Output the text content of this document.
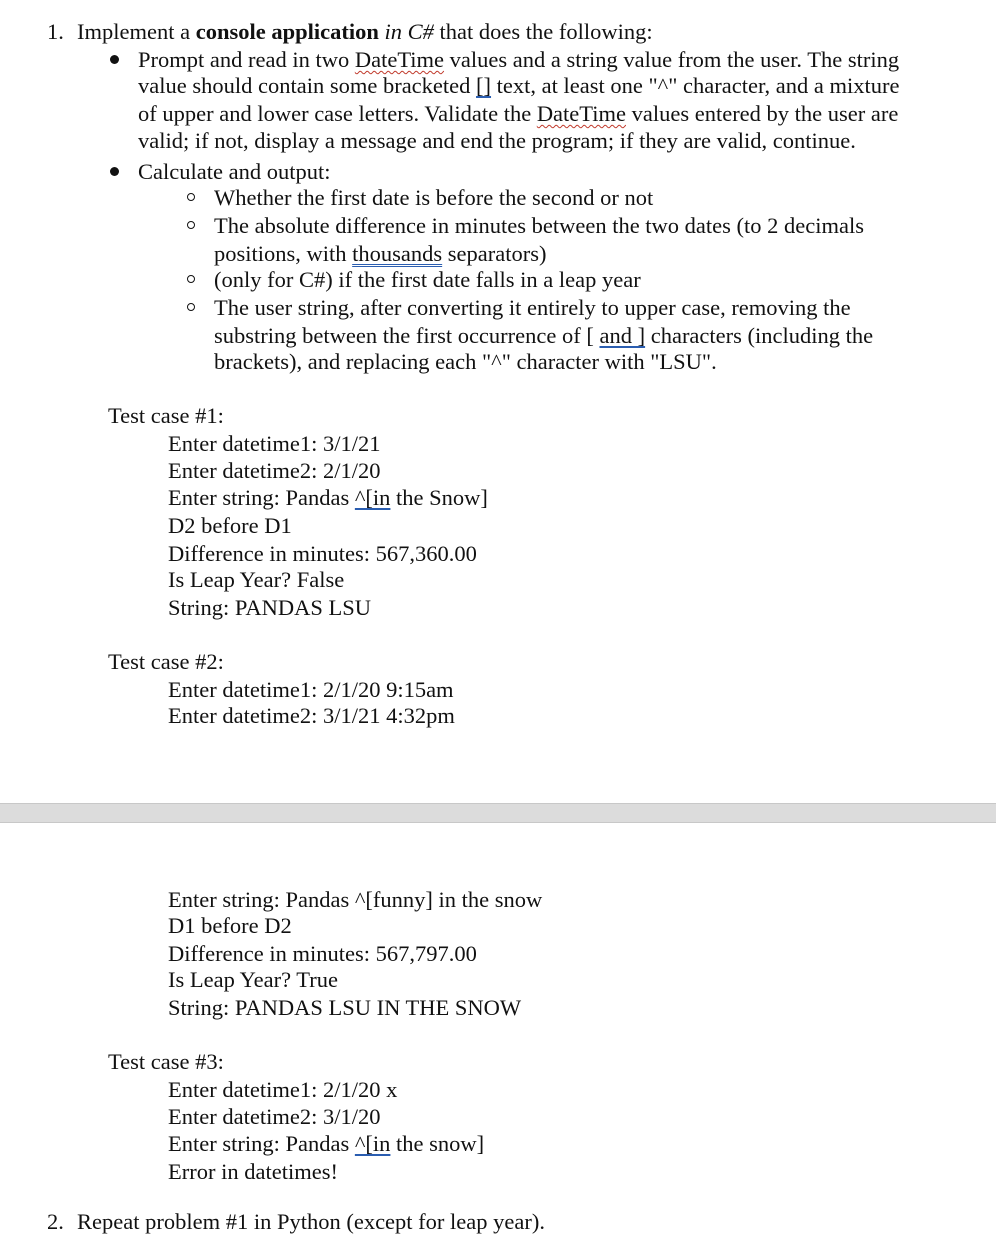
1. Implement a console application in C# that does the following:
Prompt and read in two DateTime values and a string value from the user. The string
value should contain some bracketed [] text, at least one "^" character, and a mixture
of upper and lower case letters. Validate the DateTime values entered by the user are
valid; if not, display a message and end the program; if they are valid, continue.
Calculate and output:
Whether the first date is before the second or not
The absolute difference in minutes between the two dates (to 2 decimals
positions, with thousands separators)
(only for C#) if the first date falls in a leap year
The user string, after converting it entirely to upper case, removing the
substring between the first occurrence of [ and ] characters (including the
brackets), and replacing each "^" character with "LSU".
Test case #1:
Enter datetime1: 3/1/21
Enter datetime2: 2/1/20
Enter string: Pandas ^[in the Snow]
D2 before D1
Difference in minutes: 567,360.00
Is Leap Year? False
String: PANDAS LSU
Test case #2:
Enter datetime1: 2/1/20 9:15am
Enter datetime2: 3/1/21 4:32pm
Enter string: Pandas ^[funny] in the snow
D1 before D2
Difference in minutes: 567,797.00
Is Leap Year? True
String: PANDAS LSU IN THE SNOW
Test case #3:
Enter datetime1: 2/1/20 x
Enter datetime2: 3/1/20
Enter string: Pandas ^[in the snow]
Error in datetimes!
2. Repeat problem #1 in Python (except for leap year).
